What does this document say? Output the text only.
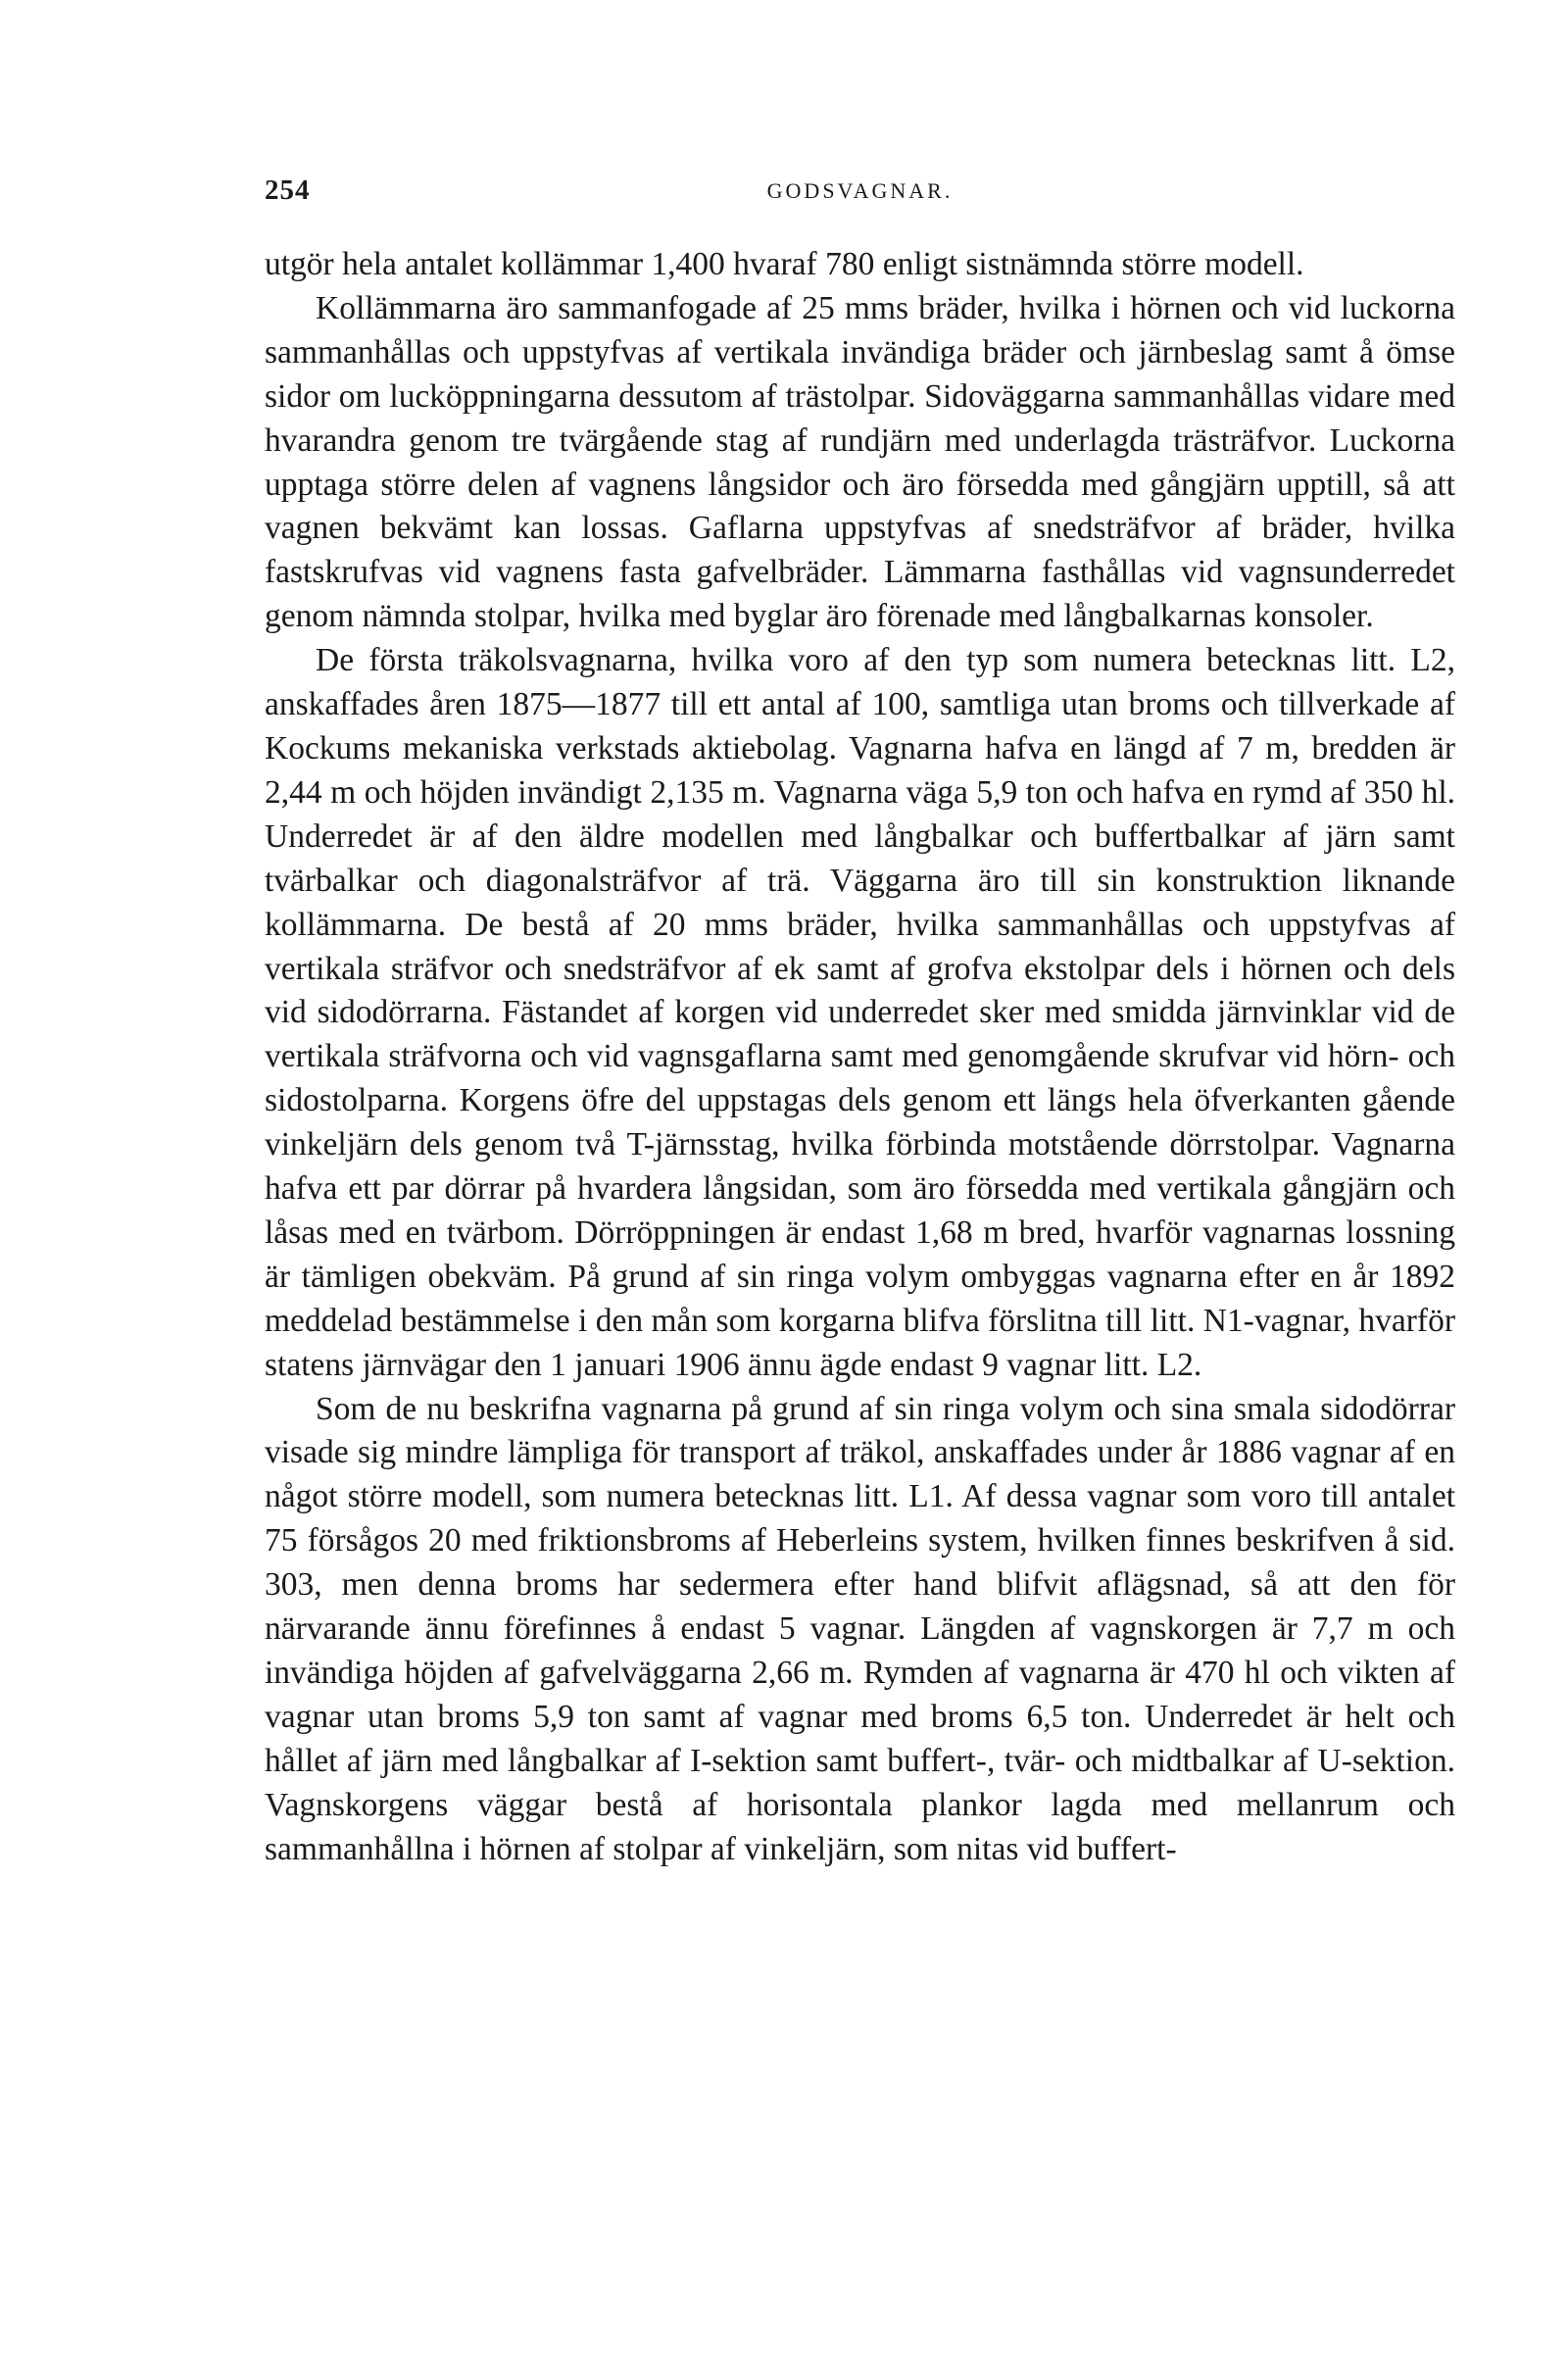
254	GODSVAGNAR.

utgör hela antalet kollämmar 1,400 hvaraf 780 enligt sistnämnda större modell.

Kollämmarna äro sammanfogade af 25 mms bräder, hvilka i hörnen och vid luckorna sammanhållas och uppstyfvas af vertikala invändiga bräder och järnbeslag samt å ömse sidor om lucköppningarna dessutom af trästolpar. Sidoväggarna sammanhållas vidare med hvarandra genom tre tvärgående stag af rundjärn med underlagda trästräfvor. Luckorna upptaga större delen af vagnens långsidor och äro försedda med gångjärn upptill, så att vagnen bekvämt kan lossas. Gaflarna uppstyfvas af snedsträfvor af bräder, hvilka fastskrufvas vid vagnens fasta gafvelbräder. Lämmarna fasthållas vid vagnsunderredet genom nämnda stolpar, hvilka med byglar äro förenade med långbalkarnas konsoler.

De första träkolsvagnarna, hvilka voro af den typ som numera betecknas litt. L2, anskaffades åren 1875—1877 till ett antal af 100, samtliga utan broms och tillverkade af Kockums mekaniska verkstads aktiebolag. Vagnarna hafva en längd af 7 m, bredden är 2,44 m och höjden invändigt 2,135 m. Vagnarna väga 5,9 ton och hafva en rymd af 350 hl. Underredet är af den äldre modellen med långbalkar och buffertbalkar af järn samt tvärbalkar och diagonalsträfvor af trä. Väggarna äro till sin konstruktion liknande kollämmarna. De bestå af 20 mms bräder, hvilka sammanhållas och uppstyfvas af vertikala sträfvor och snedsträfvor af ek samt af grofva ekstolpar dels i hörnen och dels vid sidodörrarna. Fästandet af korgen vid underredet sker med smidda järnvinklar vid de vertikala sträfvorna och vid vagnsgaflarna samt med genomgående skrufvar vid hörn- och sidostolparna. Korgens öfre del uppstagas dels genom ett längs hela öfverkanten gående vinkeljärn dels genom två T-järnsstag, hvilka förbinda motstående dörrstolpar. Vagnarna hafva ett par dörrar på hvardera långsidan, som äro försedda med vertikala gångjärn och låsas med en tvärbom. Dörröppningen är endast 1,68 m bred, hvarför vagnarnas lossning är tämligen obekväm. På grund af sin ringa volym ombyggas vagnarna efter en år 1892 meddelad bestämmelse i den mån som korgarna blifva förslitna till litt. N1-vagnar, hvarför statens järnvägar den 1 januari 1906 ännu ägde endast 9 vagnar litt. L2.

Som de nu beskrifna vagnarna på grund af sin ringa volym och sina smala sidodörrar visade sig mindre lämpliga för transport af träkol, anskaffades under år 1886 vagnar af en något större modell, som numera betecknas litt. L1. Af dessa vagnar som voro till antalet 75 försågos 20 med friktionsbroms af Heberleins system, hvilken finnes beskrifven å sid. 303, men denna broms har sedermera efter hand blifvit aflägsnad, så att den för närvarande ännu förefinnes å endast 5 vagnar. Längden af vagnskorgen är 7,7 m och invändiga höjden af gafvelväggarna 2,66 m. Rymden af vagnarna är 470 hl och vikten af vagnar utan broms 5,9 ton samt af vagnar med broms 6,5 ton. Underredet är helt och hållet af järn med långbalkar af I-sektion samt buffert-, tvär- och midtbalkar af U-sektion. Vagnskorgens väggar bestå af horisontala plankor lagda med mellanrum och sammanhållna i hörnen af stolpar af vinkeljärn, som nitas vid buffert-
